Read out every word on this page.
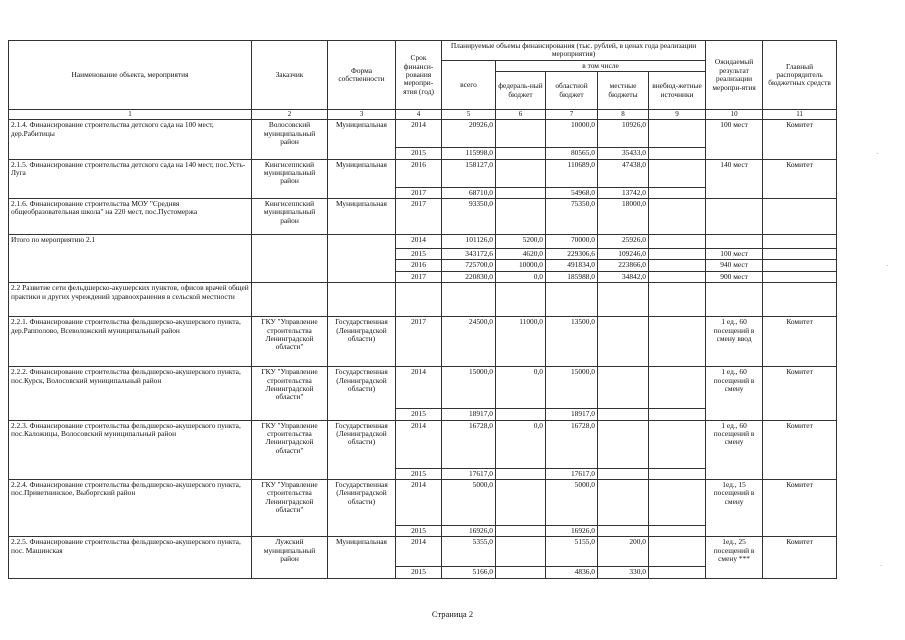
Наименование объекта, мероприятия	Заказчик	Форма собственности	Срок финанси-рования меропри-ятия (год)	Планируемые объемы финансирования (тыс. рублей, в ценах года реализации мероприятия)					Ожидаемый результат реализации меропри-ятия	Главный распорядитель бюджетных средств
				всего	в том числе					
					федераль-ный бюджет	областной бюджет	местные бюджеты	внебюд-жетные источники		
1	2	3	4	5	6	7	8	9	10	11
2.1.4. Финансирование строительства детского сада на 100 мест, дер.Рабитицы	Волосовский муниципальный район	Муниципальная	2014	20926,0		10000,0	10926,0		100 мест	Комитет
			2015	115998,0		80565,0	35433,0			
2.1.5. Финансирование строительства детского сада на 140 мест, пос.Усть-Луга	Кингисеппский муниципальный район	Муниципальная	2016	158127,0		110689,0	47438,0		140 мест	Комитет
			2017	68710,0		54968,0	13742,0			
2.1.6. Финансирование строительства МОУ "Средняя общеобразовательная школа" на 220 мест, пос.Пустомержа	Кингисеппский муниципальный район	Муниципальная	2017	93350,0		75350,0	18000,0			
Итого по мероприятию 2.1			2014	101126,0	5200,0	70000,0	25926,0			
			2015	343172,6	4620,0	229306,6	109246,0		100 мест	
			2016	725700,0	10000,0	491834,0	223866,0		940 мест	
			2017	220830,0	0,0	185988,0	34842,0		900 мест	
2.2 Развитие сети фельдшерско-акушерских пунктов, офисов врачей общей практики и других учреждений здравоохранения в сельской местности										
2.2.1. Финансирование строительства фельдшерско-акушерского пункта, дер.Рапполово, Всеволожский муниципальный район	ГКУ "Управление строительства Ленинградской области"	Государственная (Ленинградской области)	2017	24500,0	11000,0	13500,0			1 ед., 60 посещений в смену ввод	Комитет
2.2.2. Финансирование строительства фельдшерско-акушерского пункта, пос.Курск, Волосовский муниципальный район	ГКУ "Управление строительства Ленинградской области"	Государственная (Ленинградской области)	2014	15000,0	0,0	15000,0			1 ед., 60 посещений в смену	Комитет
			2015	18917,0		18917,0				
2.2.3. Финансирование строительства фельдшерско-акушерского пункта, пос.Каложицы, Волосовский муниципальный район	ГКУ "Управление строительства Ленинградской области"	Государственная (Ленинградской области)	2014	16728,0	0,0	16728,0			1 ед., 60 посещений в смену	Комитет
			2015	17617,0		17617,0				
2.2.4. Финансирование строительства фельдшерско-акушерского пункта, пос.Приветнинское, Выборгский район	ГКУ "Управление строительства Ленинградской области"	Государственная (Ленинградской области)	2014	5000,0		5000,0			1ед., 15 посещений в смену	Комитет
			2015	16926,0		16926,0				
2.2.5. Финансирование строительства фельдшерско-акушерского пункта, пос. Машинская	Лужский муниципальный район	Муниципальная	2014	5355,0		5155,0	200,0		1ед., 25 посещений в смену ***	Комитет
			2015	5166,0		4836,0	330,0			
Страница 2
·
·
·
